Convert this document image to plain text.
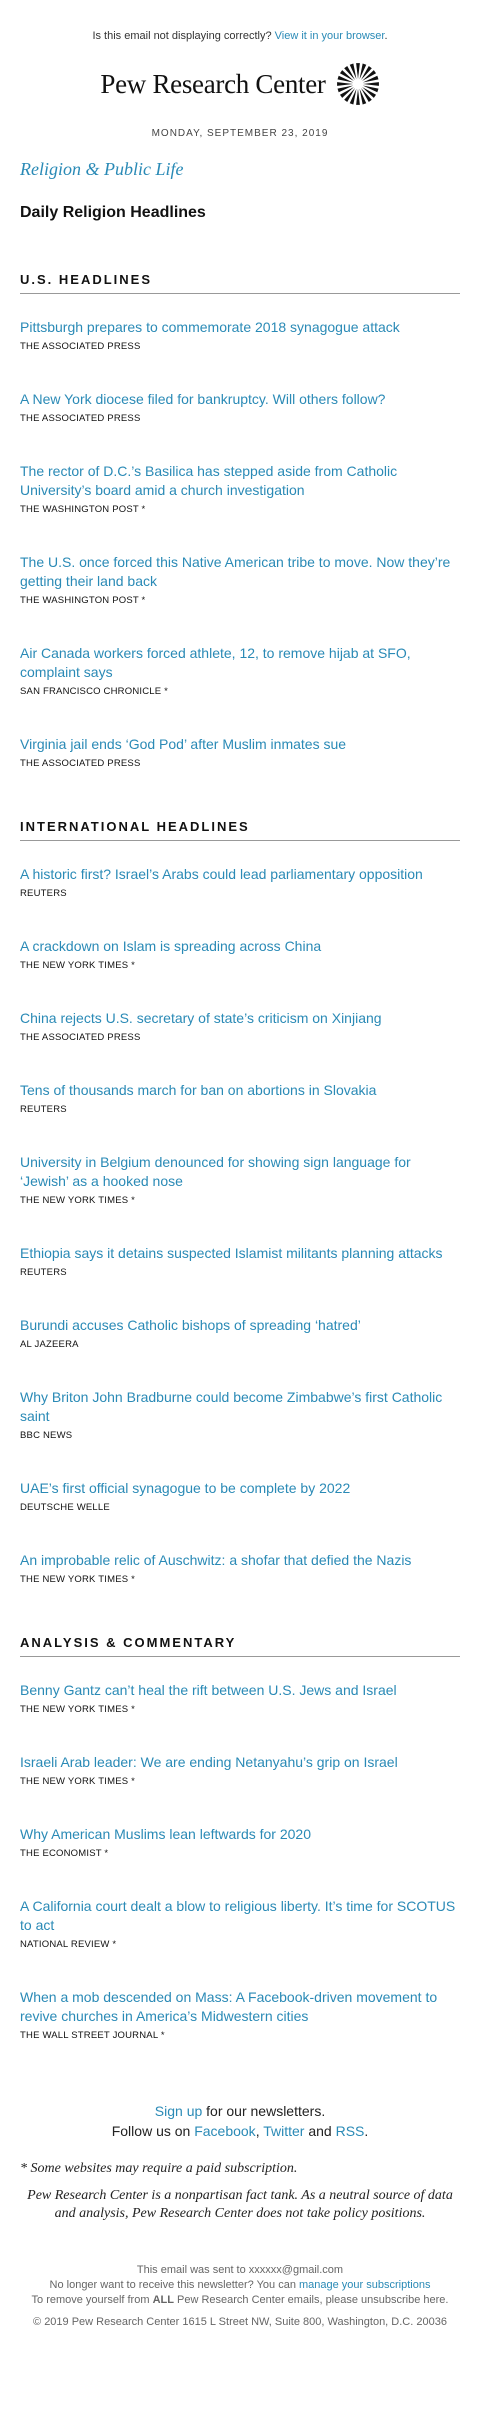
Is this email not displaying correctly? View it in your browser.
Pew Research Center
MONDAY, SEPTEMBER 23, 2019
Religion & Public Life
Daily Religion Headlines
U.S. HEADLINES
Pittsburgh prepares to commemorate 2018 synagogue attack
THE ASSOCIATED PRESS
A New York diocese filed for bankruptcy. Will others follow?
THE ASSOCIATED PRESS
The rector of D.C.’s Basilica has stepped aside from Catholic University’s board amid a church investigation
THE WASHINGTON POST *
The U.S. once forced this Native American tribe to move. Now they’re getting their land back
THE WASHINGTON POST *
Air Canada workers forced athlete, 12, to remove hijab at SFO, complaint says
SAN FRANCISCO CHRONICLE *
Virginia jail ends ‘God Pod’ after Muslim inmates sue
THE ASSOCIATED PRESS
INTERNATIONAL HEADLINES
A historic first? Israel’s Arabs could lead parliamentary opposition
REUTERS
A crackdown on Islam is spreading across China
THE NEW YORK TIMES *
China rejects U.S. secretary of state’s criticism on Xinjiang
THE ASSOCIATED PRESS
Tens of thousands march for ban on abortions in Slovakia
REUTERS
University in Belgium denounced for showing sign language for ‘Jewish’ as a hooked nose
THE NEW YORK TIMES *
Ethiopia says it detains suspected Islamist militants planning attacks
REUTERS
Burundi accuses Catholic bishops of spreading ‘hatred’
AL JAZEERA
Why Briton John Bradburne could become Zimbabwe’s first Catholic saint
BBC NEWS
UAE’s first official synagogue to be complete by 2022
DEUTSCHE WELLE
An improbable relic of Auschwitz: a shofar that defied the Nazis
THE NEW YORK TIMES *
ANALYSIS & COMMENTARY
Benny Gantz can’t heal the rift between U.S. Jews and Israel
THE NEW YORK TIMES *
Israeli Arab leader: We are ending Netanyahu’s grip on Israel
THE NEW YORK TIMES *
Why American Muslims lean leftwards for 2020
THE ECONOMIST *
A California court dealt a blow to religious liberty. It’s time for SCOTUS to act
NATIONAL REVIEW *
When a mob descended on Mass: A Facebook-driven movement to revive churches in America’s Midwestern cities
THE WALL STREET JOURNAL *
Sign up for our newsletters.
Follow us on Facebook, Twitter and RSS.
* Some websites may require a paid subscription.
Pew Research Center is a nonpartisan fact tank. As a neutral source of data and analysis, Pew Research Center does not take policy positions.
This email was sent to xxxxxx@gmail.com
No longer want to receive this newsletter? You can manage your subscriptions
To remove yourself from ALL Pew Research Center emails, please unsubscribe here.
© 2019 Pew Research Center 1615 L Street NW, Suite 800, Washington, D.C. 20036
